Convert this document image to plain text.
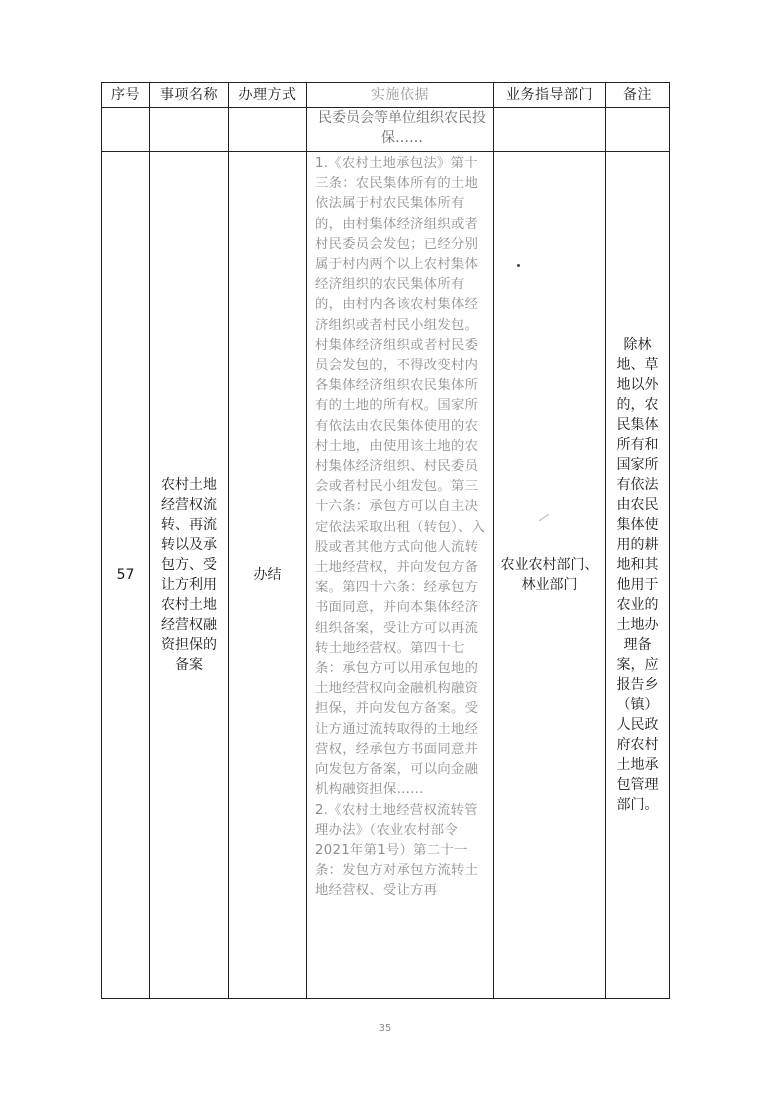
序号	事项名称	办理方式	实施依据	业务指导部门	备注
			民委员会等单位组织农民投保……		
57	农村土地经营权流转、再流转以及承包方、受让方利用农村土地经营权融资担保的备案	办结	1.《农村土地承包法》第十三条：农民集体所有的土地依法属于村农民集体所有的，由村集体经济组织或者村民委员会发包；已经分别属于村内两个以上农村集体经济组织的农民集体所有的，由村内各该农村集体经济组织或者村民小组发包。村集体经济组织或者村民委员会发包的，不得改变村内各集体经济组织农民集体所有的土地的所有权。国家所有依法由农民集体使用的农村土地，由使用该土地的农村集体经济组织、村民委员会或者村民小组发包。第三十六条：承包方可以自主决定依法采取出租（转包）、入股或者其他方式向他人流转土地经营权，并向发包方备案。第四十六条：经承包方书面同意，并向本集体经济组织备案，受让方可以再流转土地经营权。第四十七条：承包方可以用承包地的土地经营权向金融机构融资担保，并向发包方备案。受让方通过流转取得的土地经营权，经承包方书面同意并向发包方备案，可以向金融机构融资担保……

2.《农村土地经营权流转管理办法》（农业农村部令2021年第1号）第二十一条：发包方对承包方流转土地经营权、受让方再	农业农村部门、林业部门	除林地、草地以外的，农民集体所有和国家所有依法由农民集体使用的耕地和其他用于农业的土地办理备案，应报告乡（镇）人民政府农村土地承包管理部门。
35
